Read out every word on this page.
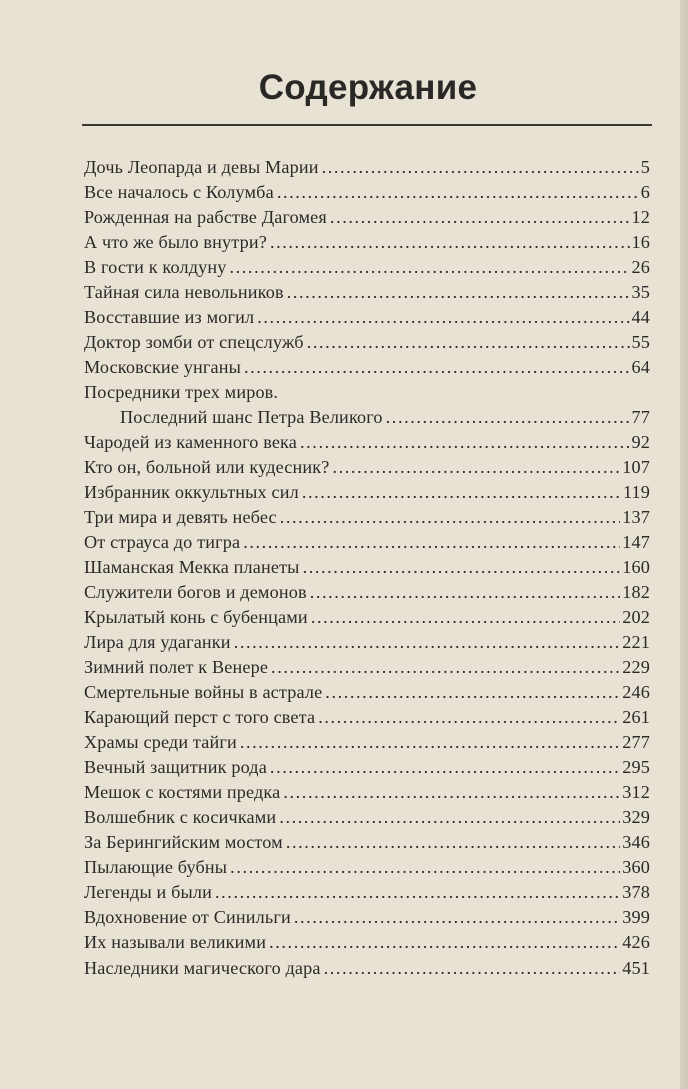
Содержание
Дочь Леопарда и девы Марии .....	5
Все началось с Колумба .....	6
Рожденная на рабстве Дагомея .....	12
А что же было внутри? .....	16
В гости к колдуну .....	26
Тайная сила невольников .....	35
Восставшие из могил .....	44
Доктор зомби от спецслужб .....	55
Московские унганы .....	64
Посредники трех миров.
Последний шанс Петра Великого .....	77
Чародей из каменного века .....	92
Кто он, больной или кудесник? .....	107
Избранник оккультных сил .....	119
Три мира и девять небес .....	137
От страуса до тигра .....	147
Шаманская Мекка планеты .....	160
Служители богов и демонов .....	182
Крылатый конь с бубенцами .....	202
Лира для удаганки .....	221
Зимний полет к Венере .....	229
Смертельные войны в астрале .....	246
Карающий перст с того света .....	261
Храмы среди тайги .....	277
Вечный защитник рода .....	295
Мешок с костями предка .....	312
Волшебник с косичками .....	329
За Берингийским мостом .....	346
Пылающие бубны .....	360
Легенды и были .....	378
Вдохновение от Синильги .....	399
Их называли великими .....	426
Наследники магического дара .....	451
